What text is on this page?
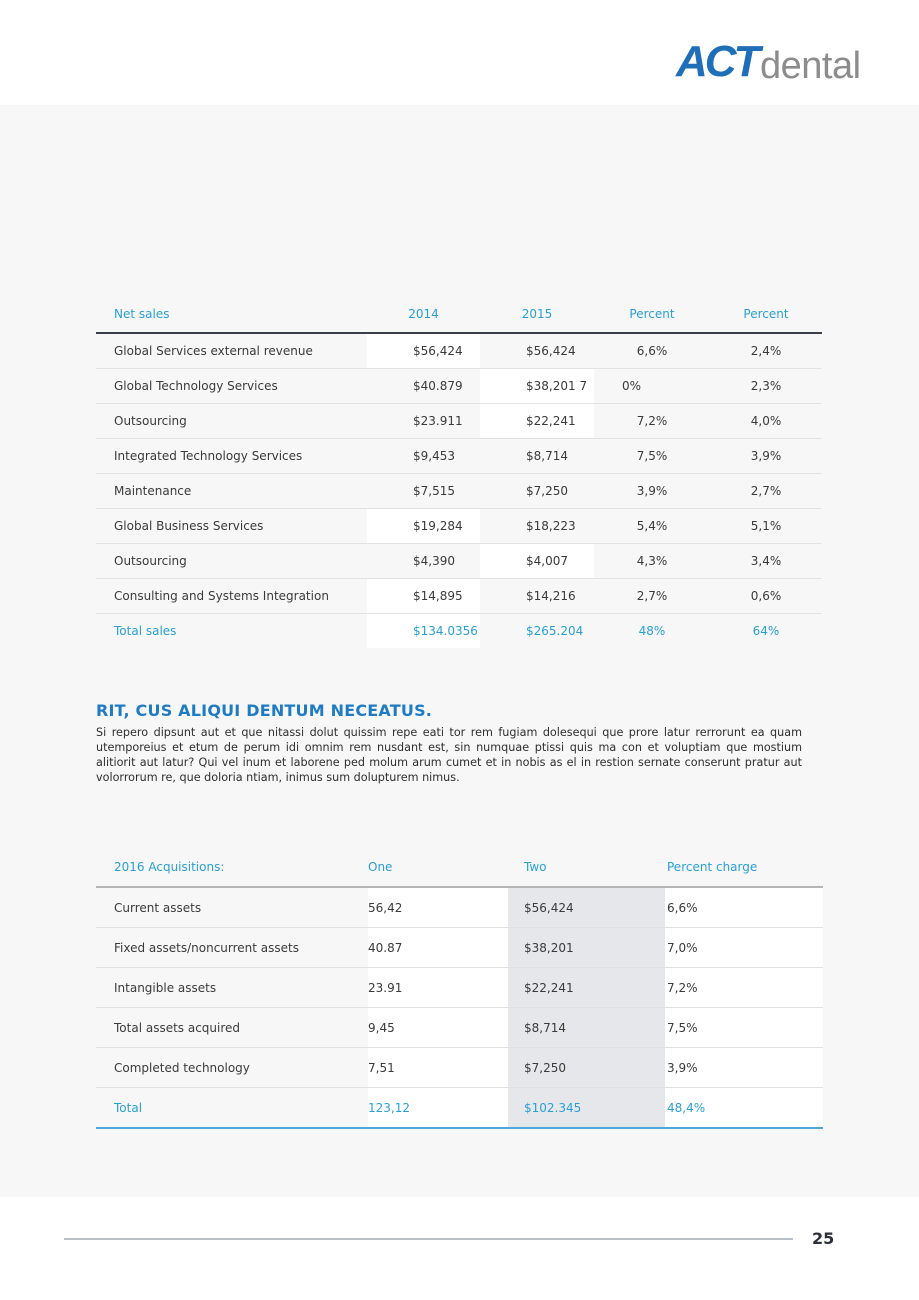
ACT dental
Net sales	2014	2015	Percent	Percent
Global Services external revenue	$56,424	$56,424	6,6%	2,4%
Global Technology Services	$40.879	$38,201 7	0%	2,3%
Outsourcing	$23.911	$22,241	7,2%	4,0%
Integrated Technology Services	$9,453	$8,714	7,5%	3,9%
Maintenance	$7,515	$7,250	3,9%	2,7%
Global Business Services	$19,284	$18,223	5,4%	5,1%
Outsourcing	$4,390	$4,007	4,3%	3,4%
Consulting and Systems Integration	$14,895	$14,216	2,7%	0,6%
Total sales	$134.0356	$265.204	48%	64%
RIT, CUS ALIQUI DENTUM NECEATUS.

Si repero dipsunt aut et que nitassi dolut quissim repe eati tor rem fugiam dolesequi que prore latur rerrorunt ea quam utemporeius et etum de perum idi omnim rem nusdant est, sin numquae ptissi quis ma con et voluptiam que mostium alitiorit aut latur? Qui vel inum et laborene ped molum arum cumet et in nobis as el in restion sernate conserunt pratur aut volorrorum re, que doloria ntiam, inimus sum dolupturem nimus.

2016 Acquisitions:	One	Two	Percent charge
Current assets	56,42	$56,424	6,6%
Fixed assets/noncurrent assets	40.87	$38,201	7,0%
Intangible assets	23.91	$22,241	7,2%
Total assets acquired	9,45	$8,714	7,5%
Completed technology	7,51	$7,250	3,9%
Total	123,12	$102.345	48,4%
25
